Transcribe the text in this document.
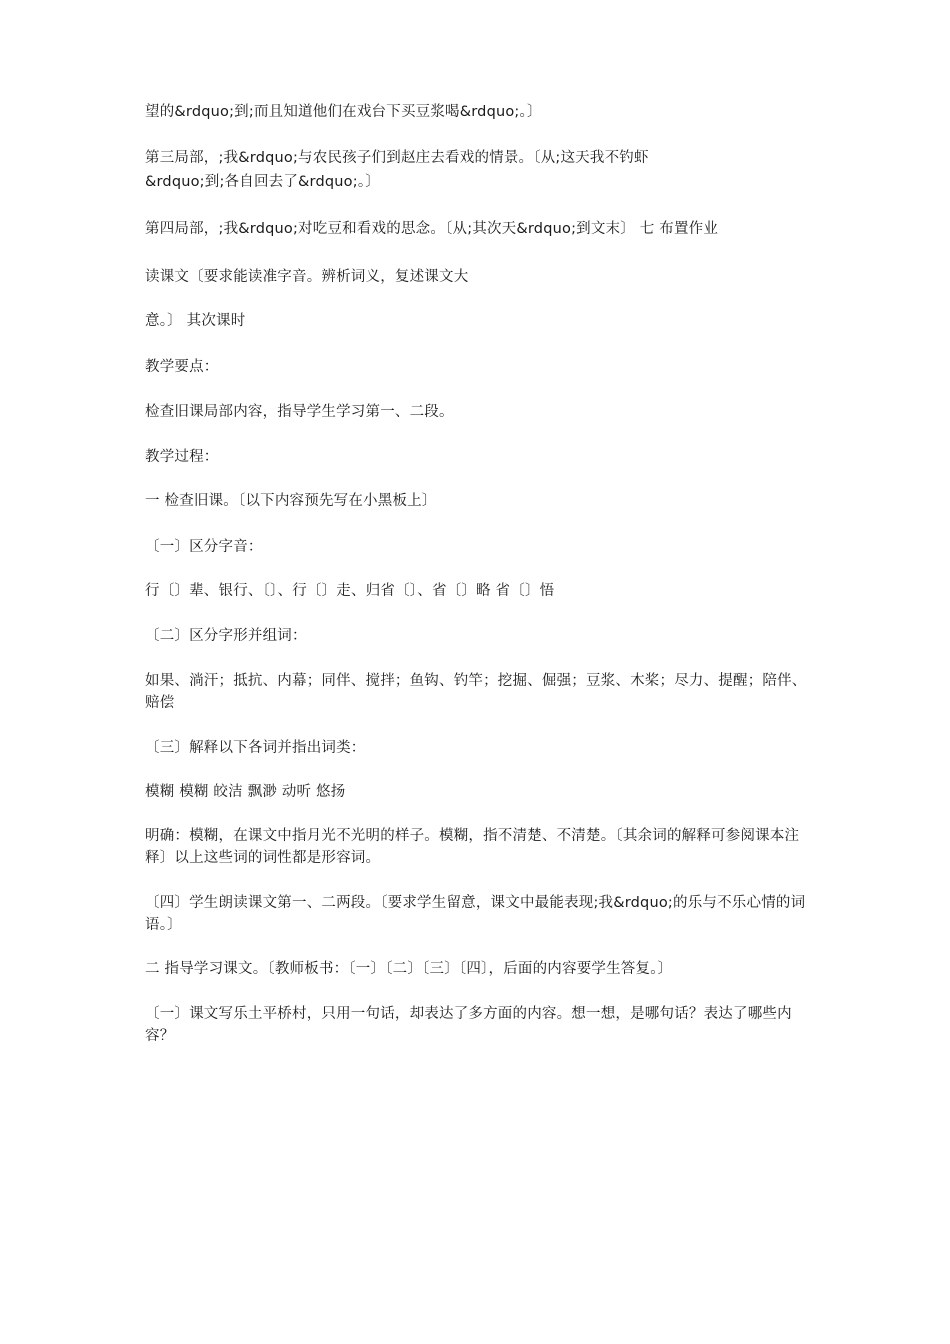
望的&rdquo;到;而且知道他们在戏台下买豆浆喝&rdquo;。〕
第三局部，;我&rdquo;与农民孩子们到赵庄去看戏的情景。〔从;这天我不钓虾
&rdquo;到;各自回去了&rdquo;。〕
第四局部，;我&rdquo;对吃豆和看戏的思念。〔从;其次天&rdquo;到文末〕 七 布置作业
读课文〔要求能读准字音。辨析词义，复述课文大
意。〕 其次课时
教学要点：
检查旧课局部内容，指导学生学习第一、二段。
教学过程：
一 检查旧课。〔以下内容预先写在小黑板上〕
〔一〕区分字音：
行〔〕辈、银行、〔〕、行〔〕走、归省〔〕、省〔〕略 省〔〕悟
〔二〕区分字形并组词：
如果、淌汗；抵抗、内幕；同伴、搅拌；鱼钩、钓竿；挖掘、倔强；豆浆、木桨；尽力、提醒；陪伴、赔偿
〔三〕解释以下各词并指出词类：
模糊 模糊 皎洁 飘渺 动听 悠扬
明确：模糊，在课文中指月光不光明的样子。模糊，指不清楚、不清楚。〔其余词的解释可参阅课本注释〕以上这些词的词性都是形容词。
〔四〕学生朗读课文第一、二两段。〔要求学生留意，课文中最能表现;我&rdquo;的乐与不乐心情的词语。〕
二 指导学习课文。〔教师板书：〔一〕〔二〕〔三〕〔四〕，后面的内容要学生答复。〕
〔一〕课文写乐土平桥村，只用一句话，却表达了多方面的内容。想一想，是哪句话？表达了哪些内容？
